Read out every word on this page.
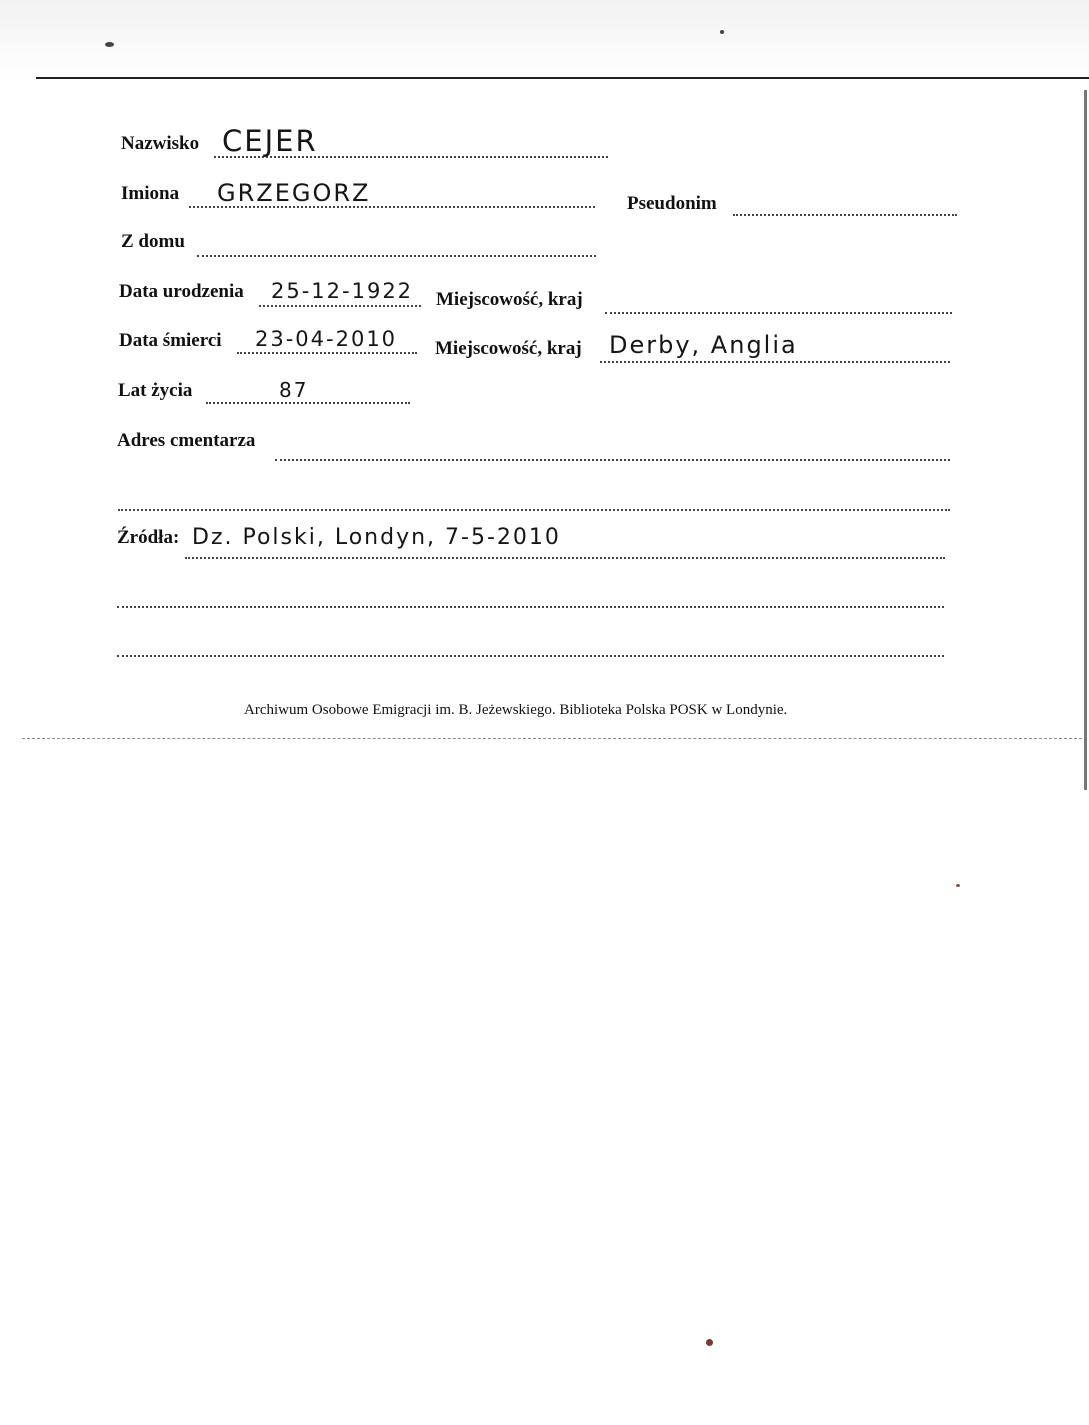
Nazwisko CEJER
Imiona GRZEGORZ	Pseudonim
Z domu
Data urodzenia 25-12-1922 Miejscowość, kraj
Data śmierci 23-04-2010 Miejscowość, kraj Derby, Anglia
Lat życia	87
Adres cmentarza
Źródła: Dz. Polski, Londyn, 7-5-2010
Archiwum Osobowe Emigracji im. B. Jeżewskiego. Biblioteka Polska POSK w Londynie.
